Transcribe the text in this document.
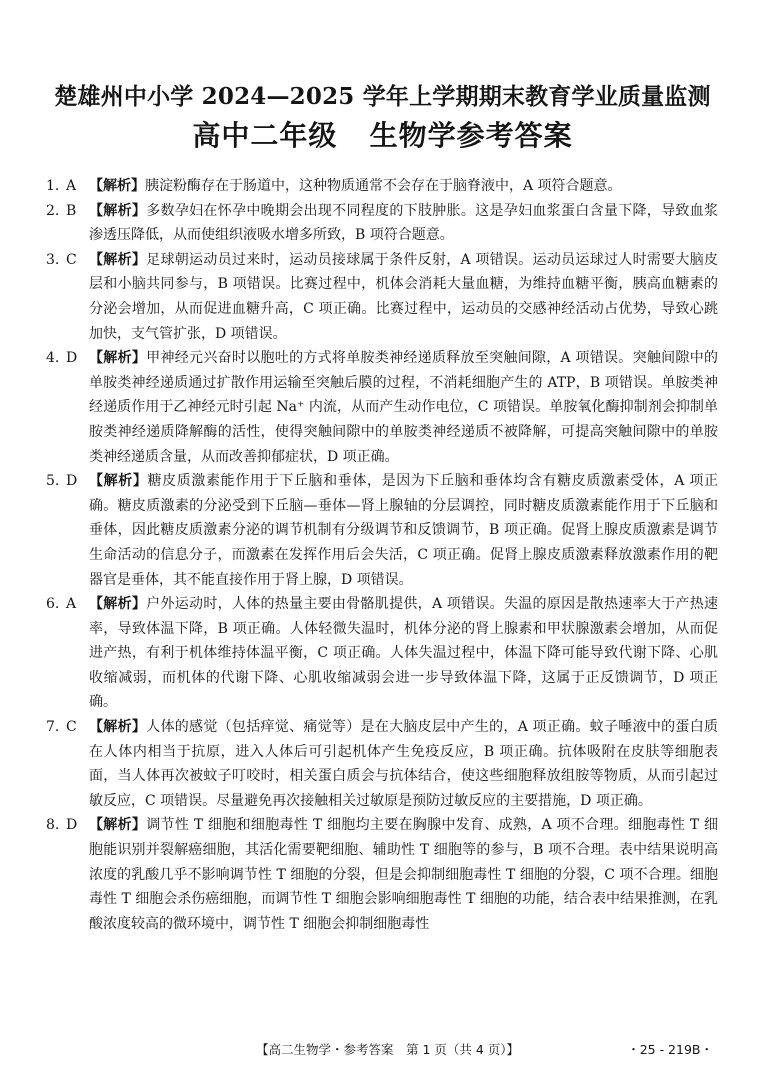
楚雄州中小学 2024—2025 学年上学期期末教育学业质量监测
高中二年级   生物学参考答案
1. A 【解析】胰淀粉酶存在于肠道中，这种物质通常不会存在于脑脊液中，A 项符合题意。
2. B 【解析】多数孕妇在怀孕中晚期会出现不同程度的下肢肿胀。这是孕妇血浆蛋白含量下降，导致血浆渗透压降低，从而使组织液吸水增多所致，B 项符合题意。
3. C 【解析】足球朝运动员过来时，运动员接球属于条件反射，A 项错误。运动员运球过人时需要大脑皮层和小脑共同参与，B 项错误。比赛过程中，机体会消耗大量血糖，为维持血糖平衡，胰高血糖素的分泌会增加，从而促进血糖升高，C 项正确。比赛过程中，运动员的交感神经活动占优势，导致心跳加快，支气管扩张，D 项错误。
4. D 【解析】甲神经元兴奋时以胞吐的方式将单胺类神经递质释放至突触间隙，A 项错误。突触间隙中的单胺类神经递质通过扩散作用运输至突触后膜的过程，不消耗细胞产生的 ATP，B 项错误。单胺类神经递质作用于乙神经元时引起 Na⁺ 内流，从而产生动作电位，C 项错误。单胺氧化酶抑制剂会抑制单胺类神经递质降解酶的活性，使得突触间隙中的单胺类神经递质不被降解，可提高突触间隙中的单胺类神经递质含量，从而改善抑郁症状，D 项正确。
5. D 【解析】糖皮质激素能作用于下丘脑和垂体，是因为下丘脑和垂体均含有糖皮质激素受体，A 项正确。糖皮质激素的分泌受到下丘脑—垂体—肾上腺轴的分层调控，同时糖皮质激素能作用于下丘脑和垂体，因此糖皮质激素分泌的调节机制有分级调节和反馈调节，B 项正确。促肾上腺皮质激素是调节生命活动的信息分子，而激素在发挥作用后会失活，C 项正确。促肾上腺皮质激素释放激素作用的靶器官是垂体，其不能直接作用于肾上腺，D 项错误。
6. A 【解析】户外运动时，人体的热量主要由骨骼肌提供，A 项错误。失温的原因是散热速率大于产热速率，导致体温下降，B 项正确。人体轻微失温时，机体分泌的肾上腺素和甲状腺激素会增加，从而促进产热，有利于机体维持体温平衡，C 项正确。人体失温过程中，体温下降可能导致代谢下降、心肌收缩减弱，而机体的代谢下降、心肌收缩减弱会进一步导致体温下降，这属于正反馈调节，D 项正确。
7. C 【解析】人体的感觉（包括痒觉、痛觉等）是在大脑皮层中产生的，A 项正确。蚊子唾液中的蛋白质在人体内相当于抗原，进入人体后可引起机体产生免疫反应，B 项正确。抗体吸附在皮肤等细胞表面，当人体再次被蚊子叮咬时，相关蛋白质会与抗体结合，使这些细胞释放组胺等物质，从而引起过敏反应，C 项错误。尽量避免再次接触相关过敏原是预防过敏反应的主要措施，D 项正确。
8. D 【解析】调节性 T 细胞和细胞毒性 T 细胞均主要在胸腺中发育、成熟，A 项不合理。细胞毒性 T 细胞能识别并裂解癌细胞，其活化需要靶细胞、辅助性 T 细胞等的参与，B 项不合理。表中结果说明高浓度的乳酸几乎不影响调节性 T 细胞的分裂，但是会抑制细胞毒性 T 细胞的分裂，C 项不合理。细胞毒性 T 细胞会杀伤癌细胞，而调节性 T 细胞会影响细胞毒性 T 细胞的功能，结合表中结果推测，在乳酸浓度较高的微环境中，调节性 T 细胞会抑制细胞毒性
【高二生物学・参考答案　第 1 页（共 4 页）】	・25 - 219B・
